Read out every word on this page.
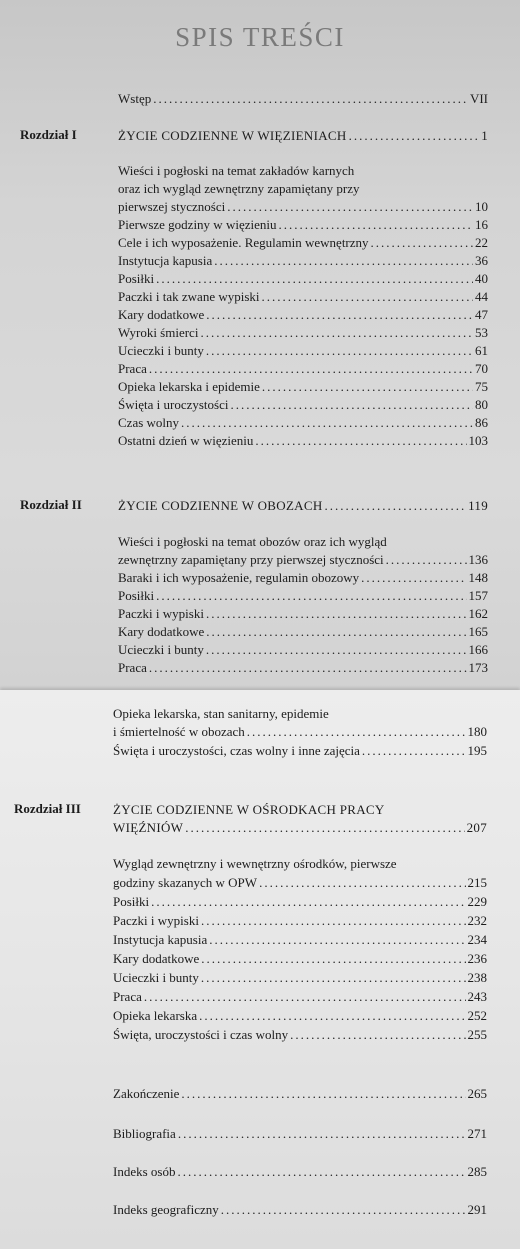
SPIS TREŚCI
Wstęp .....	VII
Rozdział I	ŻYCIE CODZIENNE W WIĘZIENIACH .....	1
Wieści i pogłoski na temat zakładów karnych
oraz ich wygląd zewnętrzny zapamiętany przy
pierwszej styczności .....	10
Pierwsze godziny w więzieniu .....	16
Cele i ich wyposażenie. Regulamin wewnętrzny .....	22
Instytucja kapusia .....	36
Posiłki .....	40
Paczki i tak zwane wypiski .....	44
Kary dodatkowe .....	47
Wyroki śmierci .....	53
Ucieczki i bunty .....	61
Praca .....	70
Opieka lekarska i epidemie .....	75
Święta i uroczystości .....	80
Czas wolny .....	86
Ostatni dzień w więzieniu .....	103
Rozdział II	ŻYCIE CODZIENNE W OBOZACH .....	119
Wieści i pogłoski na temat obozów oraz ich wygląd
zewnętrzny zapamiętany przy pierwszej styczności .....	136
Baraki i ich wyposażenie, regulamin obozowy .....	148
Posiłki .....	157
Paczki i wypiski .....	162
Kary dodatkowe .....	165
Ucieczki i bunty .....	166
Praca .....	173
Opieka lekarska, stan sanitarny, epidemie
i śmiertelność w obozach .....	180
Święta i uroczystości, czas wolny i inne zajęcia .....	195
Rozdział III ŻYCIE CODZIENNE W OŚRODKACH PRACY
WIĘŹNIÓW .....	207
Wygląd zewnętrzny i wewnętrzny ośrodków, pierwsze
godziny skazanych w OPW .....	215
Posiłki .....	229
Paczki i wypiski .....	232
Instytucja kapusia .....	234
Kary dodatkowe .....	236
Ucieczki i bunty .....	238
Praca .....	243
Opieka lekarska .....	252
Święta, uroczystości i czas wolny .....	255
Zakończenie .....	265
Bibliografia .....	271
Indeks osób .....	285
Indeks geograficzny .....	291
